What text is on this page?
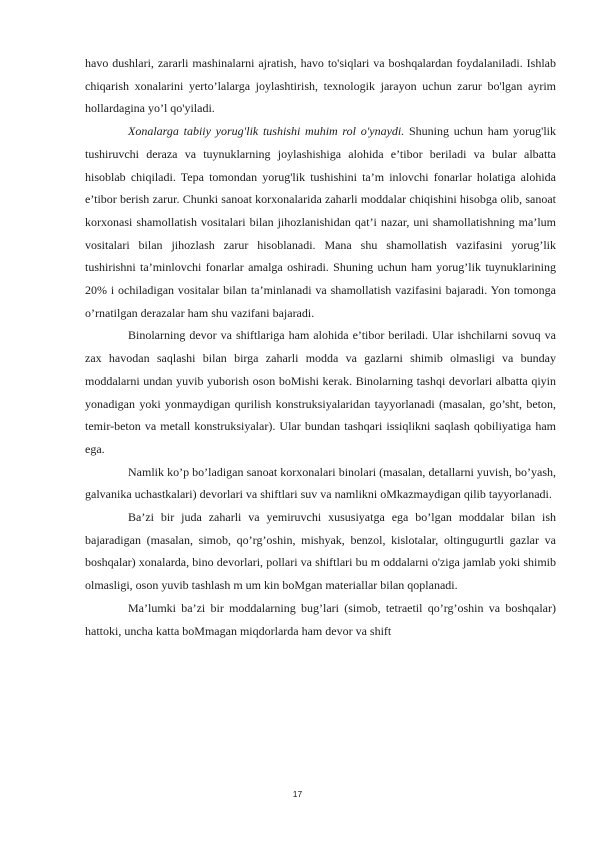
havo dushlari, zararli mashinalarni ajratish, havo to'siqlari va boshqalardan foydalaniladi. Ishlab chiqarish xonalarini yerto’lalarga joylashtirish, texnologik jarayon uchun zarur bo'lgan ayrim hollardagina yo’l qo'yiladi.

Xonalarga tabiiy yorug'lik tushishi muhim rol o'ynaydi. Shuning uchun ham yorug'lik tushiruvchi deraza va tuynuklarning joylashishiga alohida e’tibor beriladi va bular albatta hisoblab chiqiladi. Tepa tomondan yorug'lik tushishini ta’m inlovchi fonarlar holatiga alohida e’tibor berish zarur. Chunki sanoat korxonalarida zaharli moddalar chiqishini hisobga olib, sanoat korxonasi shamollatish vositalari bilan jihozlanishidan qat’i nazar, uni shamollatishning ma’lum vositalari bilan jihozlash zarur hisoblanadi. Mana shu shamollatish vazifasini yorug’lik tushirishni ta’minlovchi fonarlar amalga oshiradi. Shuning uchun ham yorug’lik tuynuklarining 20% i ochiladigan vositalar bilan ta’minlanadi va shamollatish vazifasini bajaradi. Yon tomonga o’rnatilgan derazalar ham shu vazifani bajaradi.

Binolarning devor va shiftlariga ham alohida e’tibor beriladi. Ular ishchilarni sovuq va zax havodan saqlashi bilan birga zaharli modda va gazlarni shimib olmasligi va bunday moddalarni undan yuvib yuborish oson boMishi kerak. Binolarning tashqi devorlari albatta qiyin yonadigan yoki yonmaydigan qurilish konstruksiyalaridan tayyorlanadi (masalan, go’sht, beton, temir-beton va metall konstruksiyalar). Ular bundan tashqari issiqlikni saqlash qobiliyatiga ham ega.

Namlik ko’p bo’ladigan sanoat korxonalari binolari (masalan, detallarni yuvish, bo’yash, galvanika uchastkalari) devorlari va shiftlari suv va namlikni oMkazmaydigan qilib tayyorlanadi.

Ba’zi bir juda zaharli va yemiruvchi xususiyatga ega bo’lgan moddalar bilan ish bajaradigan (masalan, simob, qo’rg’oshin, mishyak, benzol, kislotalar, oltingugurtli gazlar va boshqalar) xonalarda, bino devorlari, pollari va shiftlari bu m oddalarni o'ziga jamlab yoki shimib olmasligi, oson yuvib tashlash m um kin boMgan materiallar bilan qoplanadi.

Ma’lumki ba’zi bir moddalarning bug’lari (simob, tetraetil qo’rg’oshin va boshqalar) hattoki, uncha katta boMmagan miqdorlarda ham devor va shift

17
